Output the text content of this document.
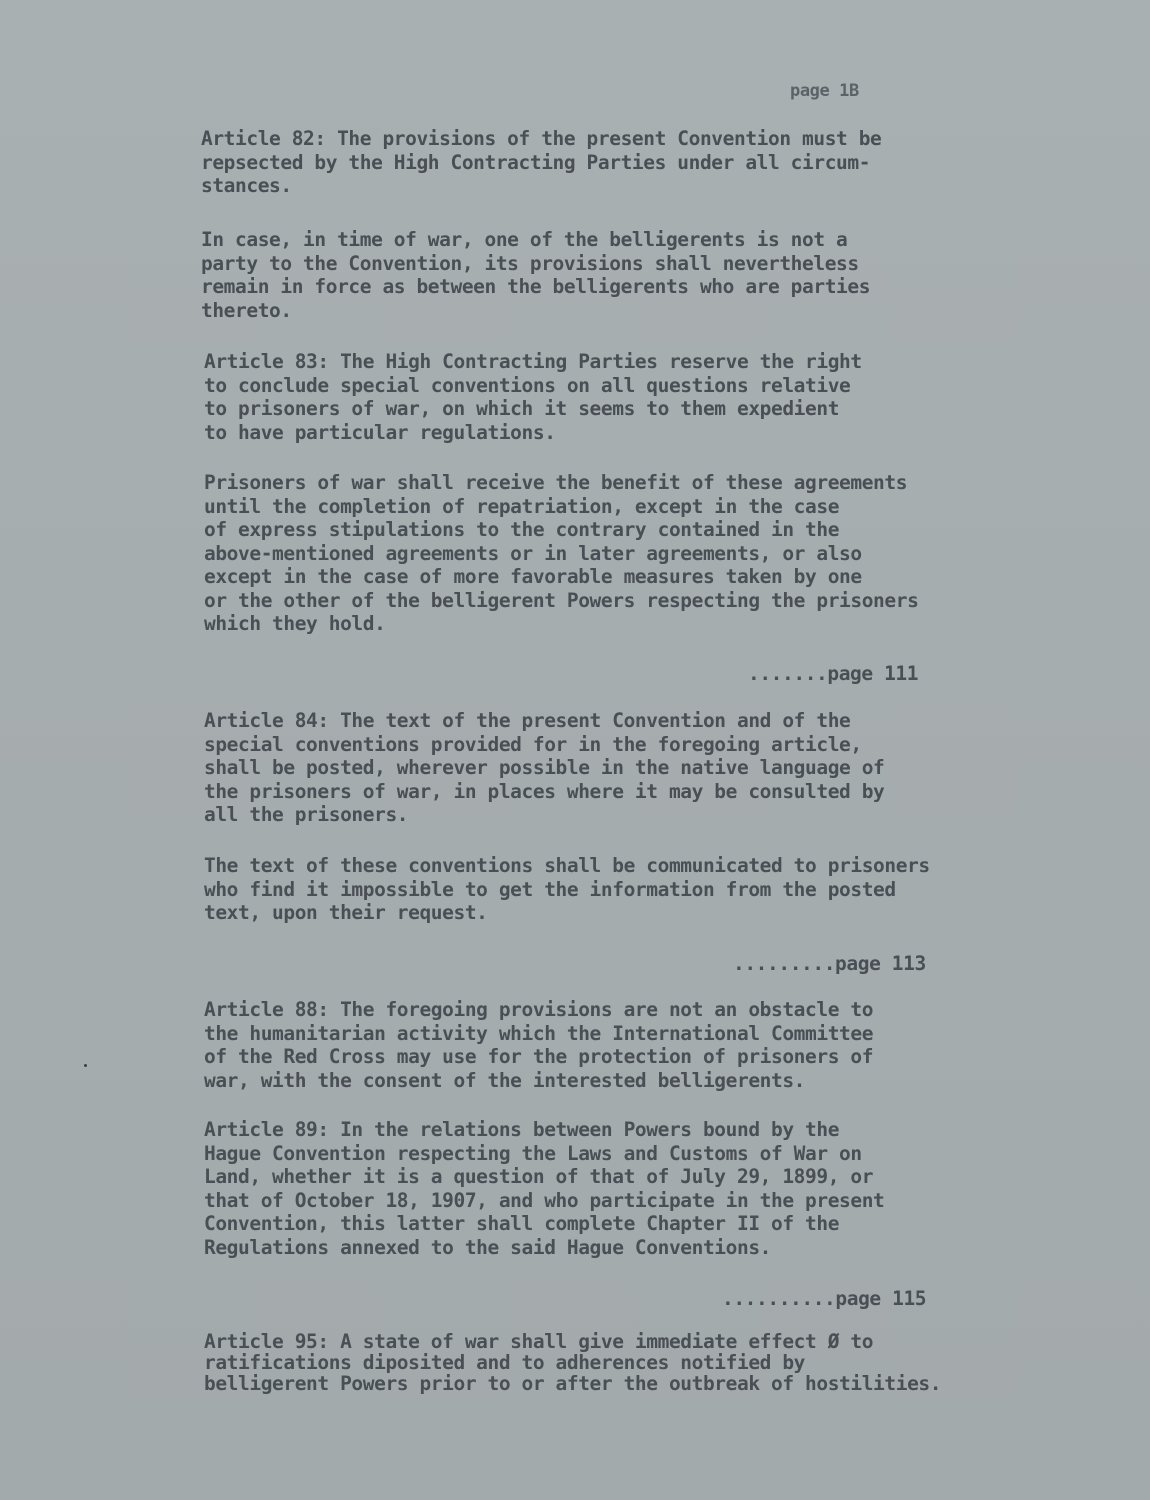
page 1B
Article 82: The provisions of the present Convention must be
repsected by the High Contracting Parties under all circum-
stances.
In case, in time of war, one of the belligerents is not a
party to the Convention, its provisions shall nevertheless
remain in force as between the belligerents who are parties
thereto.
Article 83: The High Contracting Parties reserve the right
to conclude special conventions on all questions relative
to prisoners of war, on which it seems to them expedient
to have particular regulations.
Prisoners of war shall receive the benefit of these agreements
until the completion of repatriation, except in the case
of express stipulations to the contrary contained in the
above-mentioned agreements or in later agreements, or also
except in the case of more favorable measures taken by one
or the other of the belligerent Powers respecting the prisoners
which they hold.
.......page 111
Article 84: The text of the present Convention and of the
special conventions provided for in the foregoing article,
shall be posted, wherever possible in the native language of
the prisoners of war, in places where it may be consulted by
all the prisoners.
The text of these conventions shall be communicated to prisoners
who find it impossible to get the information from the posted
text, upon their request.
.........page 113
Article 88: The foregoing provisions are not an obstacle to
the humanitarian activity which the International Committee
of the Red Cross may use for the protection of prisoners of
war, with the consent of the interested belligerents.
Article 89: In the relations between Powers bound by the
Hague Convention respecting the Laws and Customs of War on
Land, whether it is a question of that of July 29, 1899, or
that of October 18, 1907, and who participate in the present
Convention, this latter shall complete Chapter II of the
Regulations annexed to the said Hague Conventions.
..........page 115
Article 95: A state of war shall give immediate effect Ø to
ratifications diposited and to adherences notified by
belligerent Powers prior to or after the outbreak of hostilities.
